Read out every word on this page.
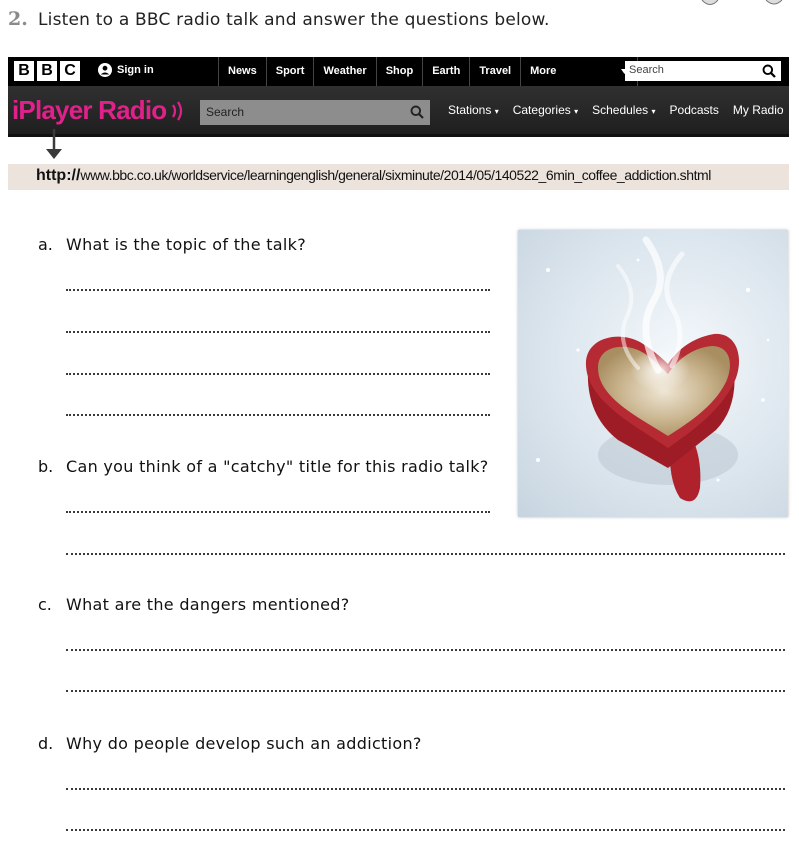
2. Listen to a BBC radio talk and answer the questions below.
B B C	Sign in	News	Sport	Weather	Shop	Earth	Travel	More	Search
iPlayer Radio	Search	Stations ▾ Categories ▾ Schedules ▾ Podcasts My Radio
http://www.bbc.co.uk/worldservice/learningenglish/general/sixminute/2014/05/140522_6min_coffee_addiction.shtml
a. What is the topic of the talk?
b. Can you think of a "catchy" title for this radio talk?
c. What are the dangers mentioned?
d. Why do people develop such an addiction?
